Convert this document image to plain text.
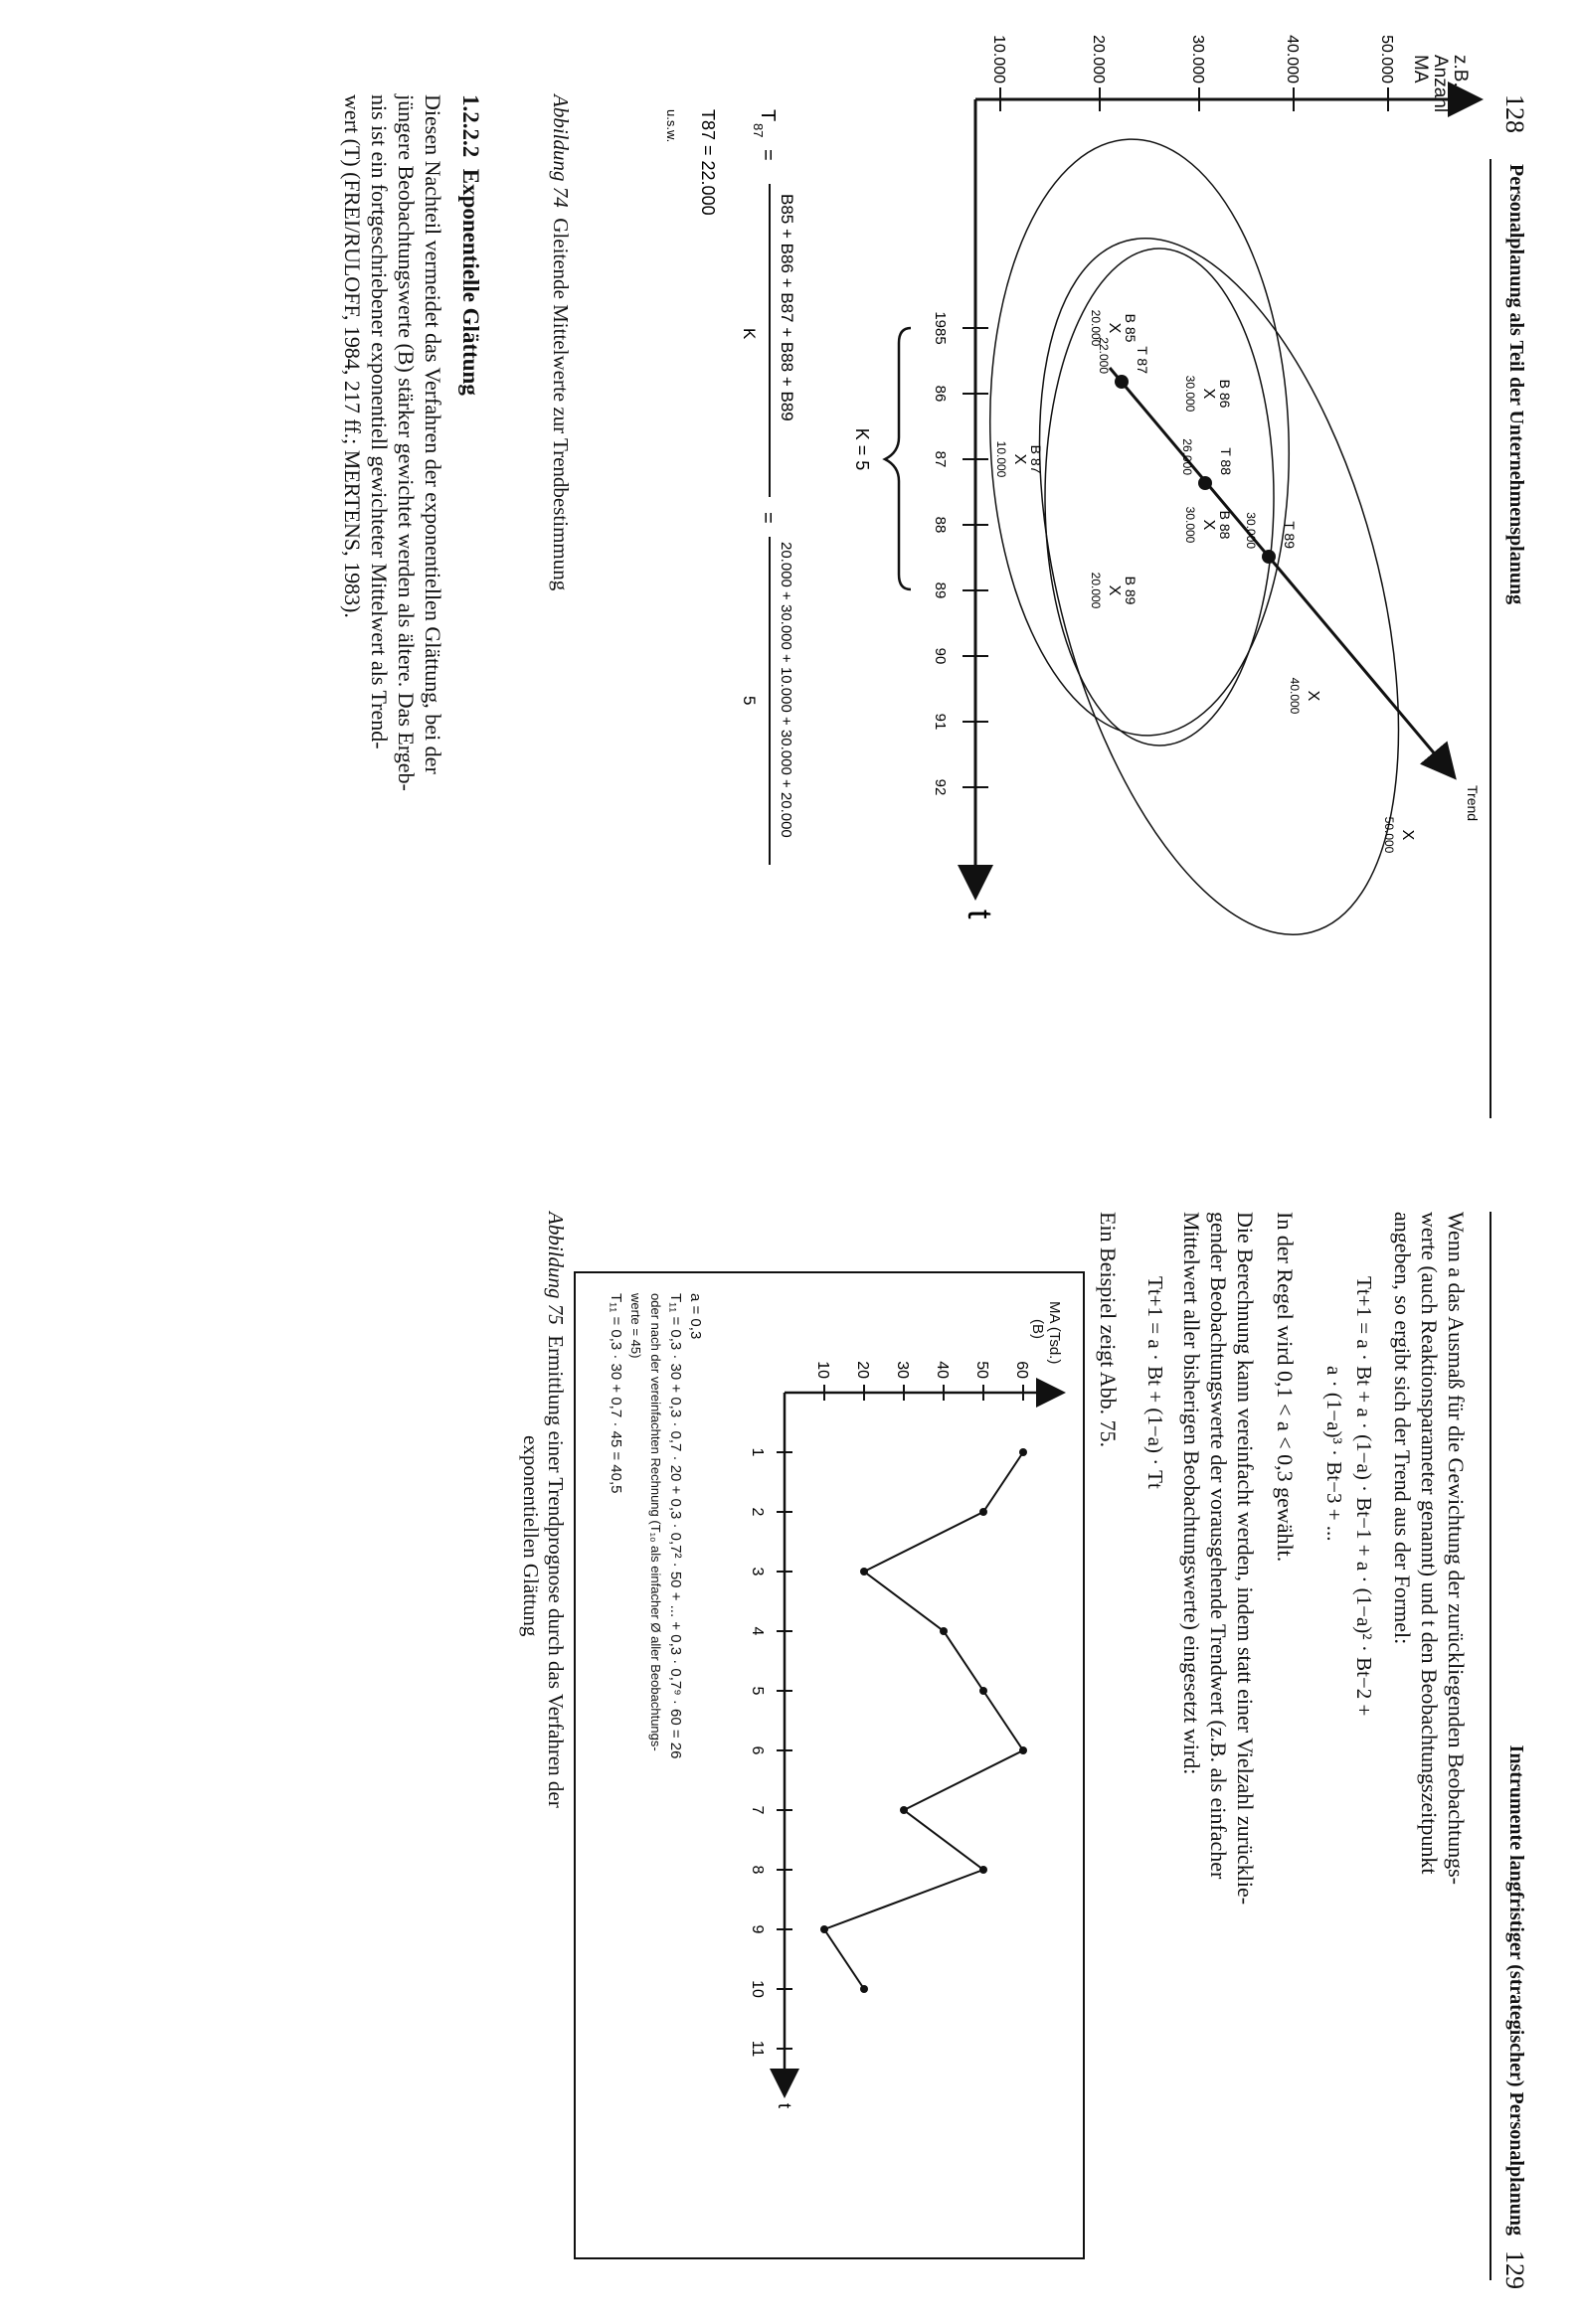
128
Personalplanung als Teil der Unternehmensplanung
50.000
40.000
30.000
20.000
10.000
1985
86
87
88
89
90
91
92
B 85
X
20.000
B 86
X
30.000
B 87
X
10.000
B 88
X
30.000
B 89
X
20.000
X
40.000
X
50.000
T 87
22.000
T 88
26.000
T 89
30.000
K = 5
t
Trend
T
87
=
B85 + B86 + B87 + B88 + B89
K
=
20.000 + 30.000 + 10.000 + 30.000 + 20.000
5
T87 = 22.000
u.s.w.
z.B.
Anzahl
MA
Abbildung 74  Gleitende Mittelwerte zur Trendbestimmung
1.2.2.2  Exponentielle Glättung
Diesen Nachteil vermeidet das Verfahren der exponentiellen Glättung, bei der
jüngere Beobachtungswerte (B) stärker gewichtet werden als ältere. Das Ergeb-
nis ist ein fortgeschriebener exponentiell gewichteter Mittelwert als Trend-
wert (T) (FREI/RULOFF, 1984, 217 ff.; MERTENS, 1983).
Instrumente langfristiger (strategischer) Personalplanung
129
Wenn a das Ausmaß für die Gewichtung der zurückliegenden Beobachtungs-
werte (auch Reaktionsparameter genannt) und t den Beobachtungszeitpunkt
angeben, so ergibt sich der Trend aus der Formel:
Tt+1 = a · Bt + a · (1−a) · Bt−1 + a · (1−a)² · Bt−2 +
a · (1−a)³ · Bt−3 + ...
In der Regel wird 0,1 < a < 0,3 gewählt.
Die Berechnung kann vereinfacht werden, indem statt einer Vielzahl zurücklie-
gender Beobachtungswerte der vorausgehende Trendwert (z.B. als einfacher
Mittelwert aller bisherigen Beobachtungswerte) eingesetzt wird:
Tt+1 = a · Bt + (1−a) · Tt
Ein Beispiel zeigt Abb. 75.
60
50
40
30
20
10
1
2
3
4
5
6
7
8
9
10
11
t
MA (Tsd.)
(B)
a = 0,3
T₁₁ = 0,3 · 30 + 0,3 · 0,7 · 20 + 0,3 · 0,7² · 50 + ... + 0,3 · 0,7⁹ · 60 = 26
oder nach der vereinfachten Rechnung (T₁₀ als einfacher Ø aller Beobachtungs-
werte = 45)
T₁₁ = 0,3 · 30 + 0,7 · 45 = 40,5
Abbildung 75  Ermittlung einer Trendprognose durch das Verfahren der
exponentiellen Glättung
